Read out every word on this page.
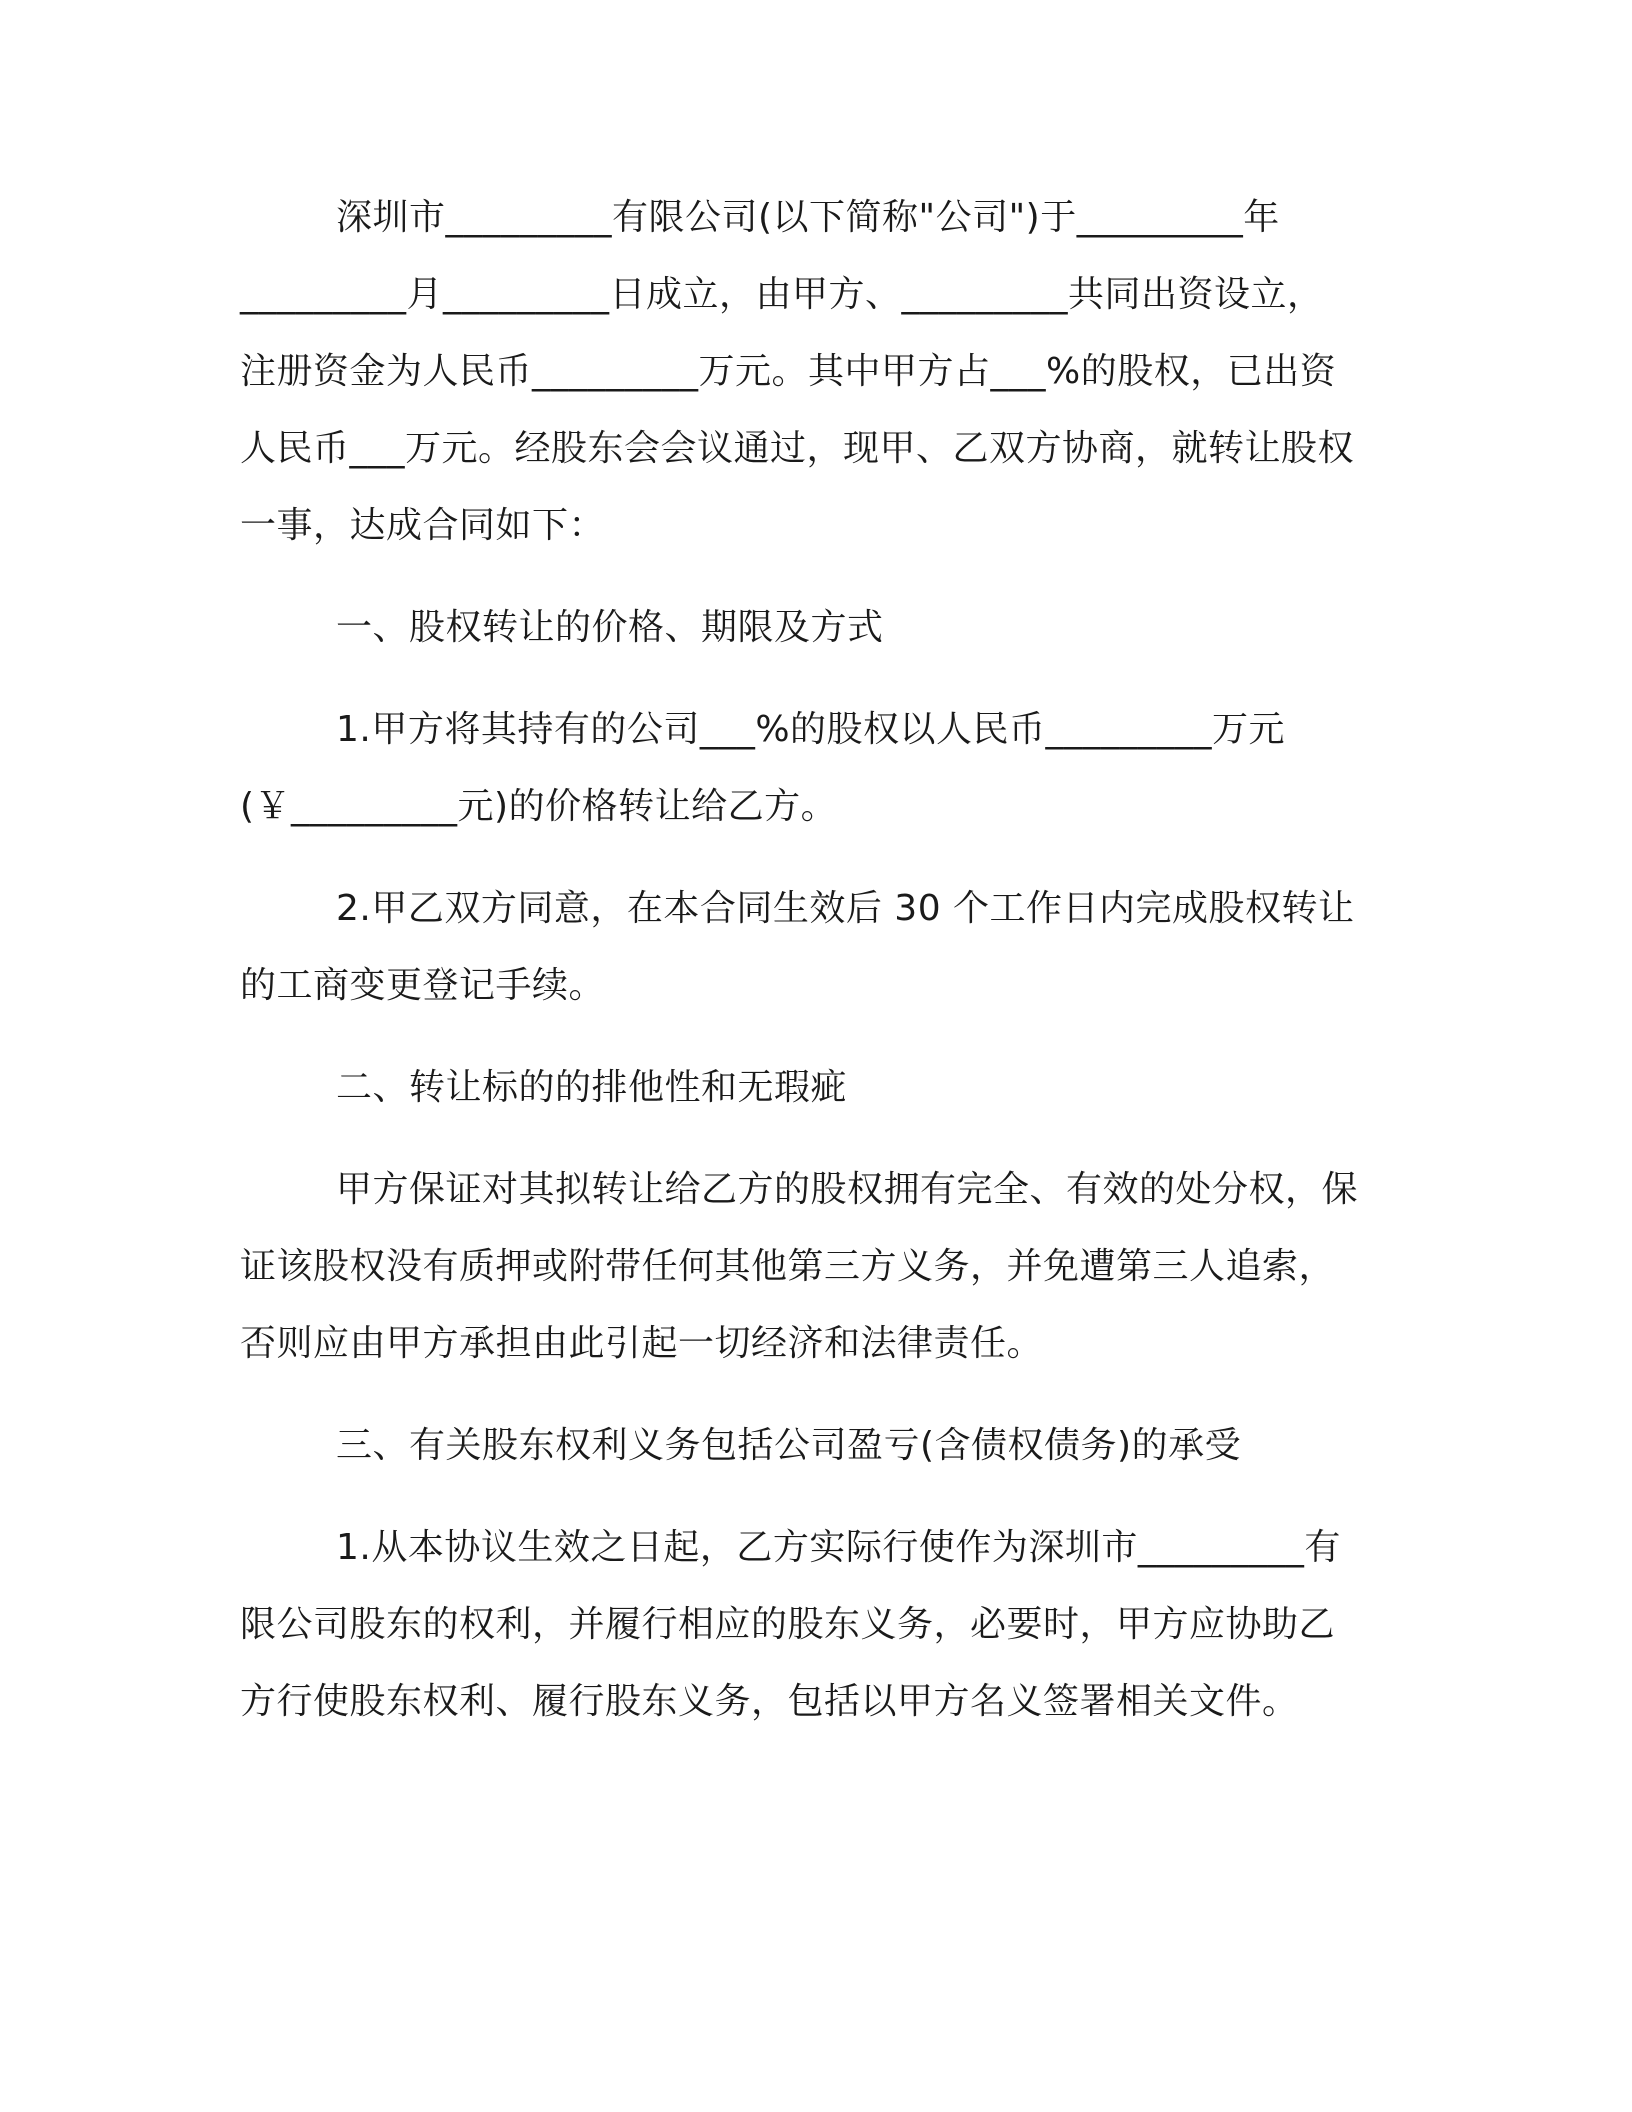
深圳市_________有限公司(以下简称"公司")于_________年
_________月_________日成立，由甲方、_________共同出资设立，
注册资金为人民币_________万元。其中甲方占___%的股权，已出资
人民币___万元。经股东会会议通过，现甲、乙双方协商，就转让股权
一事，达成合同如下：
一、股权转让的价格、期限及方式
1.甲方将其持有的公司___%的股权以人民币_________万元
(￥_________元)的价格转让给乙方。
2.甲乙双方同意，在本合同生效后 30 个工作日内完成股权转让
的工商变更登记手续。
二、转让标的的排他性和无瑕疵
甲方保证对其拟转让给乙方的股权拥有完全、有效的处分权，保
证该股权没有质押或附带任何其他第三方义务，并免遭第三人追索，
否则应由甲方承担由此引起一切经济和法律责任。
三、有关股东权利义务包括公司盈亏(含债权债务)的承受
1.从本协议生效之日起，乙方实际行使作为深圳市_________有
限公司股东的权利，并履行相应的股东义务，必要时，甲方应协助乙
方行使股东权利、履行股东义务，包括以甲方名义签署相关文件。
